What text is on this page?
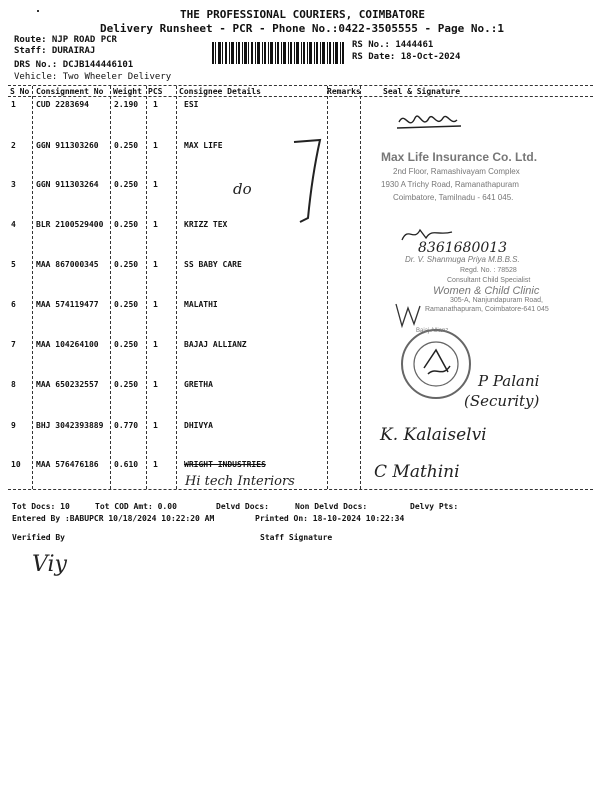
THE PROFESSIONAL COURIERS, COIMBATORE
Delivery Runsheet - PCR - Phone No.:0422-3505555 - Page No.:1
Route: NJP ROAD PCR
Staff: DURAIRAJ
DRS No.: DCJB144446101
Vehicle: Two Wheeler Delivery
RS No.: 1444461
RS Date: 18-Oct-2024
S No Consignment No Weight PCS Consignee Details	Remarks	Seal & Signature
1	CUD 2283694	2.190 1	ESI
2	GGN 911303260 0.250 1	MAX LIFE
3	GGN 911303264 0.250 1
4	BLR 2100529400 0.250 1	KRIZZ TEX
5	MAA 867000345 0.250 1	SS BABY CARE
6	MAA 574119477 0.250 1	MALATHI
7	MAA 104264100 0.250 1	BAJAJ ALLIANZ
8	MAA 650232557 0.250 1	GRETHA
9	BHJ 3042393889 0.770 1	DHIVYA
10 MAA 576476186 0.610 1	WRIGHT INDUSTRIES
do
Hi tech Interiors
Max Life Insurance Co. Ltd.
2nd Floor, Ramashivayam Complex
1930 A Trichy Road, Ramanathapuram
Coimbatore, Tamilnadu - 641 045.
8361680013
Dr. V. Shanmuga Priya M.B.B.S.
Regd. No. : 78528
Consultant Child Specialist
Women & Child Clinic
305-A, Nanjundapuram Road,
Ramanathapuram, Coimbatore-641 045
Bajaj Allianz
P Palani
(Security)
K. Kalaiselvi
C Mathini
Tot Docs: 10	Tot COD Amt: 0.00	Delvd Docs:	Non Delvd Docs:	Delvy Pts:
Entered By :BABUPCR 10/18/2024 10:22:20 AM	Printed On: 18-10-2024 10:22:34
Verified By	Staff Signature
Viy
